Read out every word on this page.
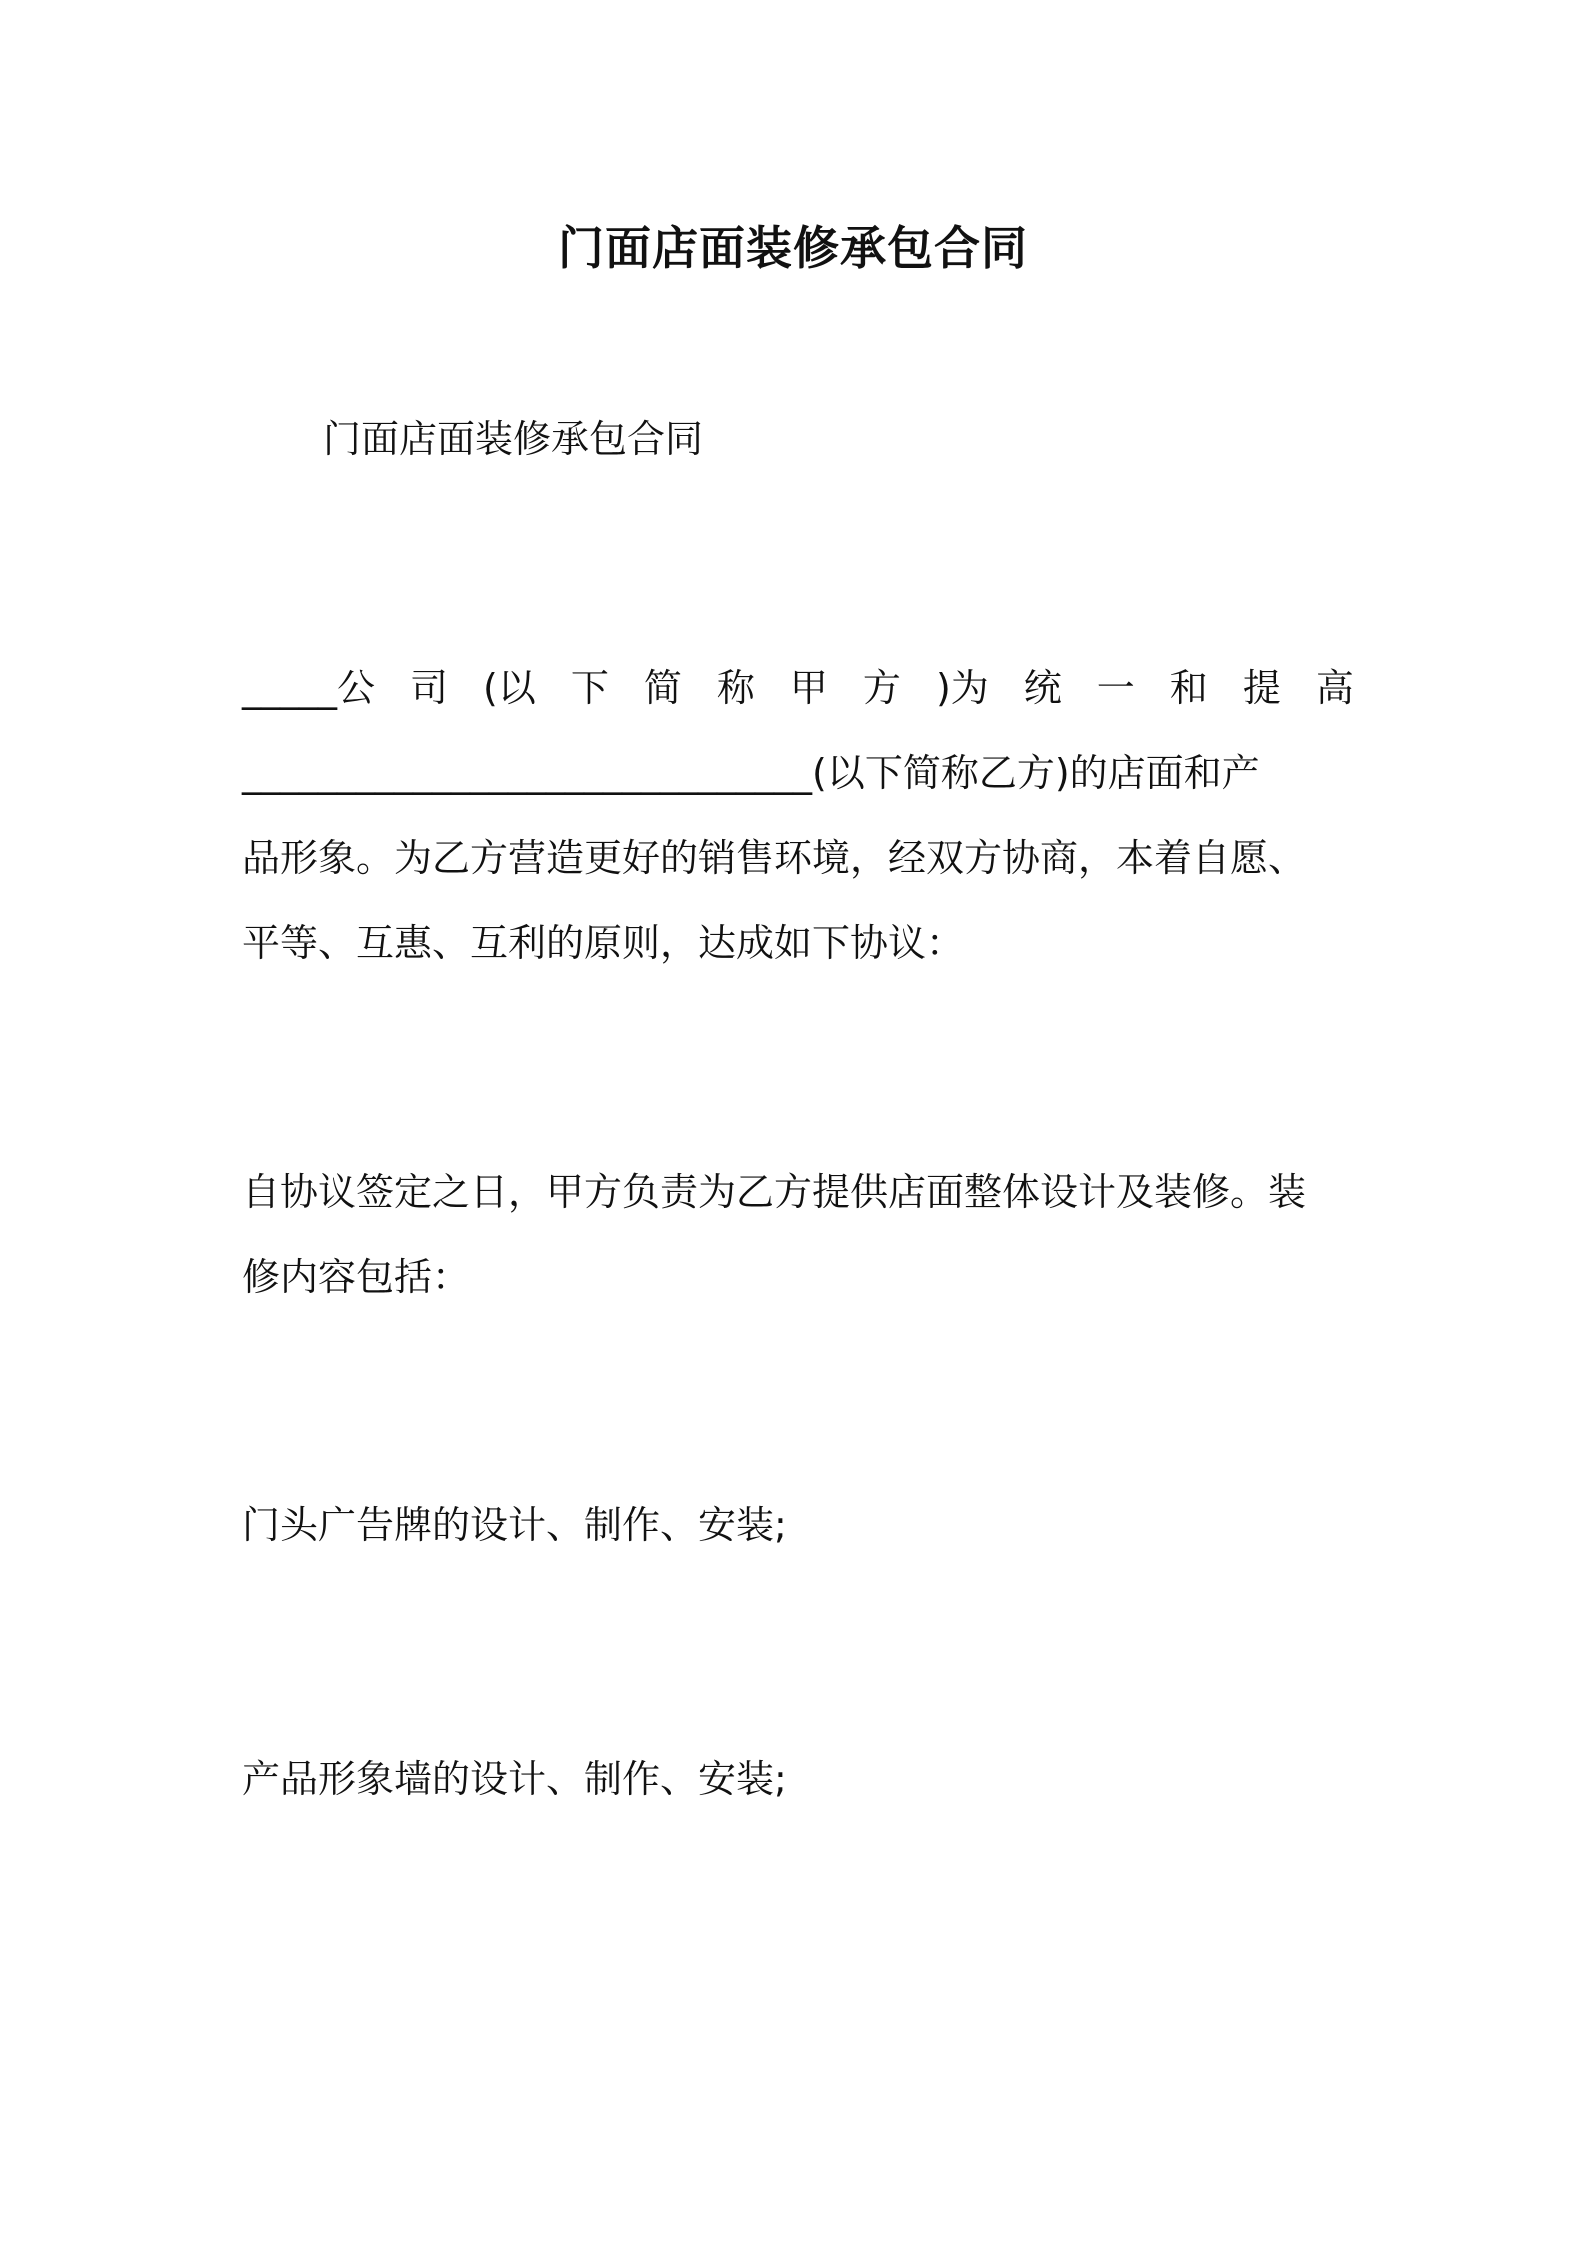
门面店面装修承包合同

门面店面装修承包合同

_____公 司 (以 下 简 称 甲 方 )为 统 一 和 提 高
______________________________(以下简称乙方)的店面和产
品形象。为乙方营造更好的销售环境，经双方协商，本着自愿、
平等、互惠、互利的原则，达成如下协议：
自协议签定之日，甲方负责为乙方提供店面整体设计及装修。装
修内容包括：
门头广告牌的设计、制作、安装;
产品形象墙的设计、制作、安装;
